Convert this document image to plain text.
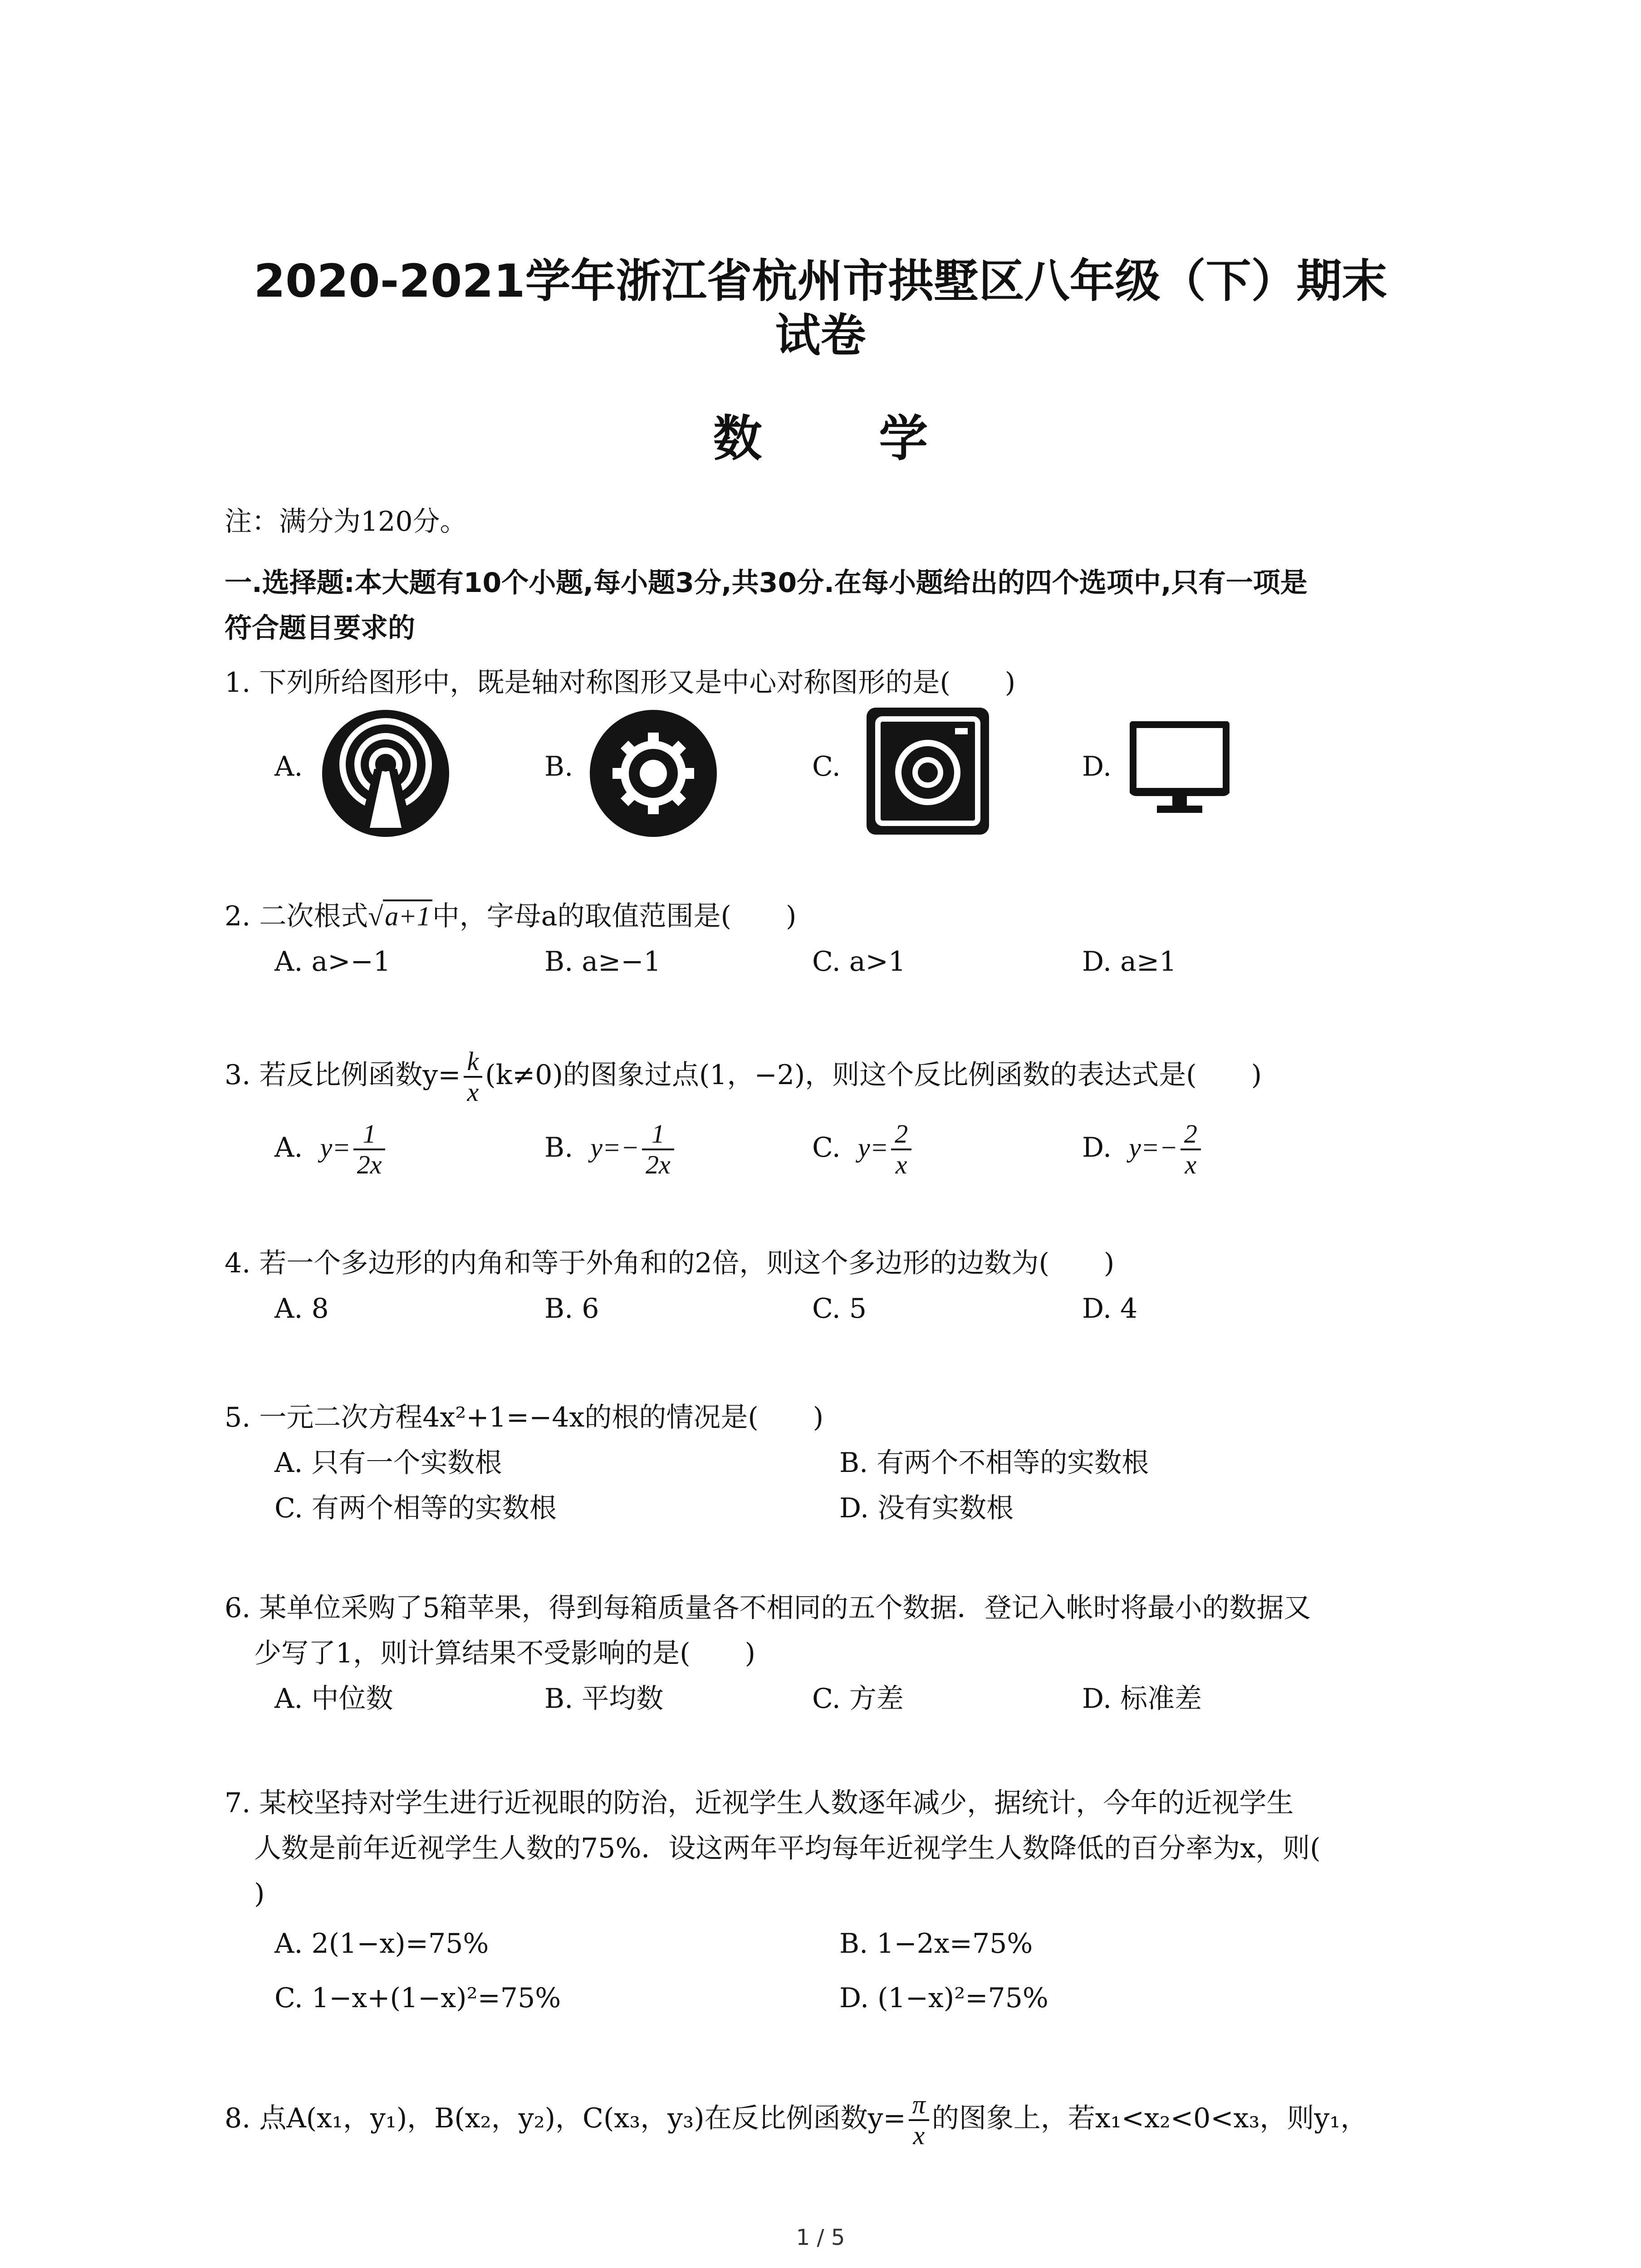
2020-2021学年浙江省杭州市拱墅区八年级（下）期末
试卷
数 学
注：满分为120分。
一.选择题:本大题有10个小题,每小题3分,共30分.在每小题给出的四个选项中,只有一项是
符合题目要求的
1. 下列所给图形中，既是轴对称图形又是中心对称图形的是(　　)
A.	B.	C.	D.
2. 二次根式√a+1中，字母a的取值范围是(　　)
A. a>−1	B. a≥−1	C. a>1	D. a≥1
3. 若反比例函数$y= \frac{k}{x} (k\ne 0)$的图象过点(1，−2)，则这个反比例函数的表达式是(　　)
A. $y= \frac{1}{2x}$	B. $y=- \frac{1}{2x}$	C. $y= \frac{2}{x}$	D. $y=- \frac{2}{x}$
4. 若一个多边形的内角和等于外角和的2倍，则这个多边形的边数为(　　)
A. 8	B. 6	C. 5	D. 4
5. 一元二次方程4x²+1=−4x的根的情况是(　　)
A. 只有一个实数根	B. 有两个不相等的实数根
C. 有两个相等的实数根	D. 没有实数根
6. 某单位采购了5箱苹果，得到每箱质量各不相同的五个数据．登记入帐时将最小的数据又
少写了1，则计算结果不受影响的是(　　)
A. 中位数	B. 平均数	C. 方差	D. 标准差
7. 某校坚持对学生进行近视眼的防治，近视学生人数逐年减少，据统计，今年的近视学生
人数是前年近视学生人数的75%．设这两年平均每年近视学生人数降低的百分率为x，则(
)
A. 2(1−x)=75%	B. 1−2x=75%
C. 1−x+(1−x)²=75%	D. (1−x)²=75%
8. 点A(x₁，y₁)，B(x₂，y₂)，C(x₃，y₃)在反比例函数$y= \frac{\pi}{x}$ 的图象上，若x₁<x₂<0<x₃，则y₁，
1 / 5
